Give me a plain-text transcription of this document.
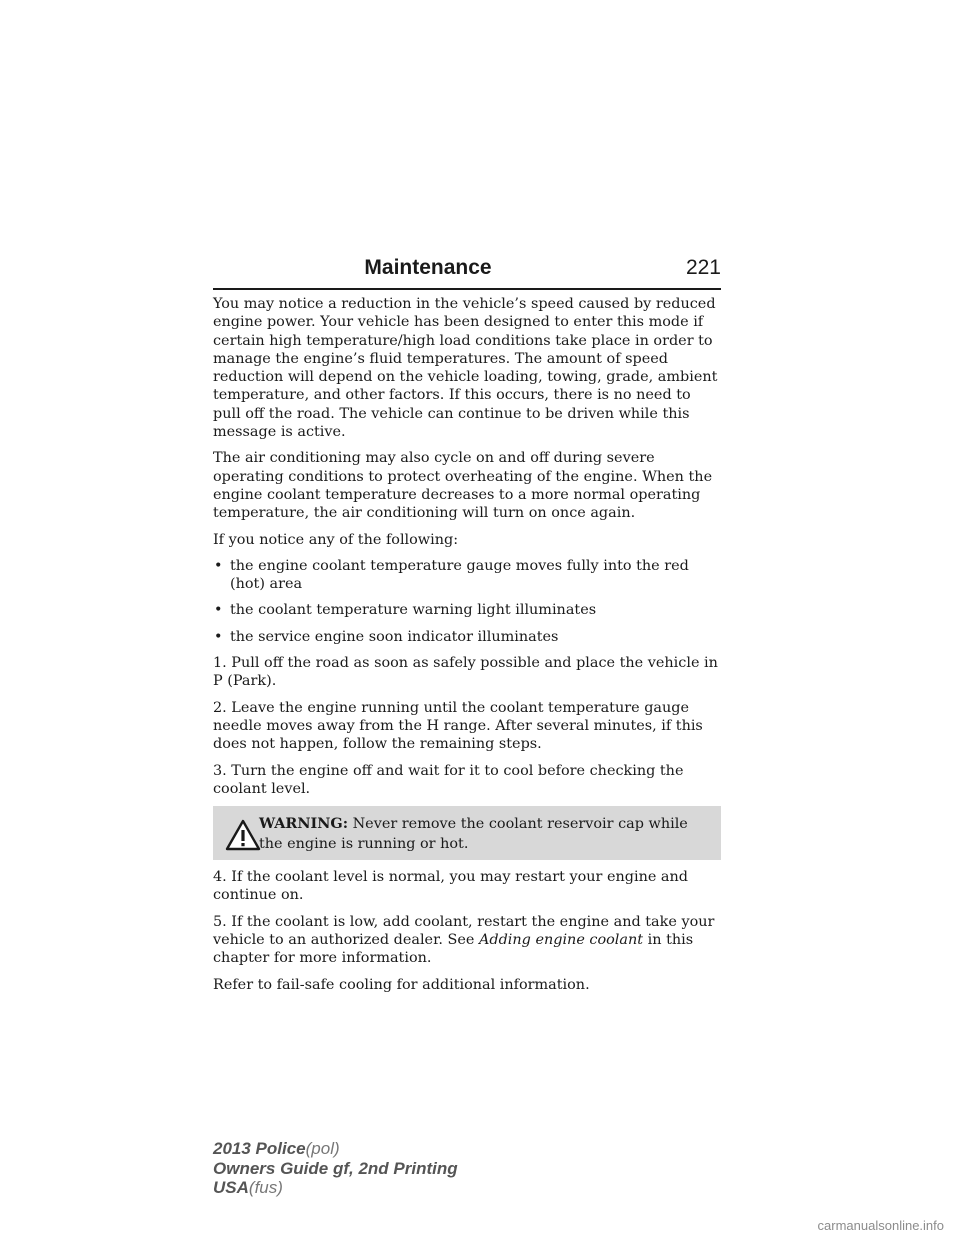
Maintenance	221

You may notice a reduction in the vehicle’s speed caused by reduced engine power. Your vehicle has been designed to enter this mode if certain high temperature/high load conditions take place in order to manage the engine’s fluid temperatures. The amount of speed reduction will depend on the vehicle loading, towing, grade, ambient temperature, and other factors. If this occurs, there is no need to pull off the road. The vehicle can continue to be driven while this message is active.

The air conditioning may also cycle on and off during severe operating conditions to protect overheating of the engine. When the engine coolant temperature decreases to a more normal operating temperature, the air conditioning will turn on once again.

If you notice any of the following:

• the engine coolant temperature gauge moves fully into the red (hot) area
• the coolant temperature warning light illuminates
• the service engine soon indicator illuminates

1. Pull off the road as soon as safely possible and place the vehicle in P (Park).

2. Leave the engine running until the coolant temperature gauge needle moves away from the H range. After several minutes, if this does not happen, follow the remaining steps.

3. Turn the engine off and wait for it to cool before checking the coolant level.

WARNING: Never remove the coolant reservoir cap while the engine is running or hot.

4. If the coolant level is normal, you may restart your engine and continue on.

5. If the coolant is low, add coolant, restart the engine and take your vehicle to an authorized dealer. See Adding engine coolant in this chapter for more information.

Refer to fail-safe cooling for additional information.

2013 Police(pol)
Owners Guide gf, 2nd Printing
USA(fus)
carmanualsonline.info
